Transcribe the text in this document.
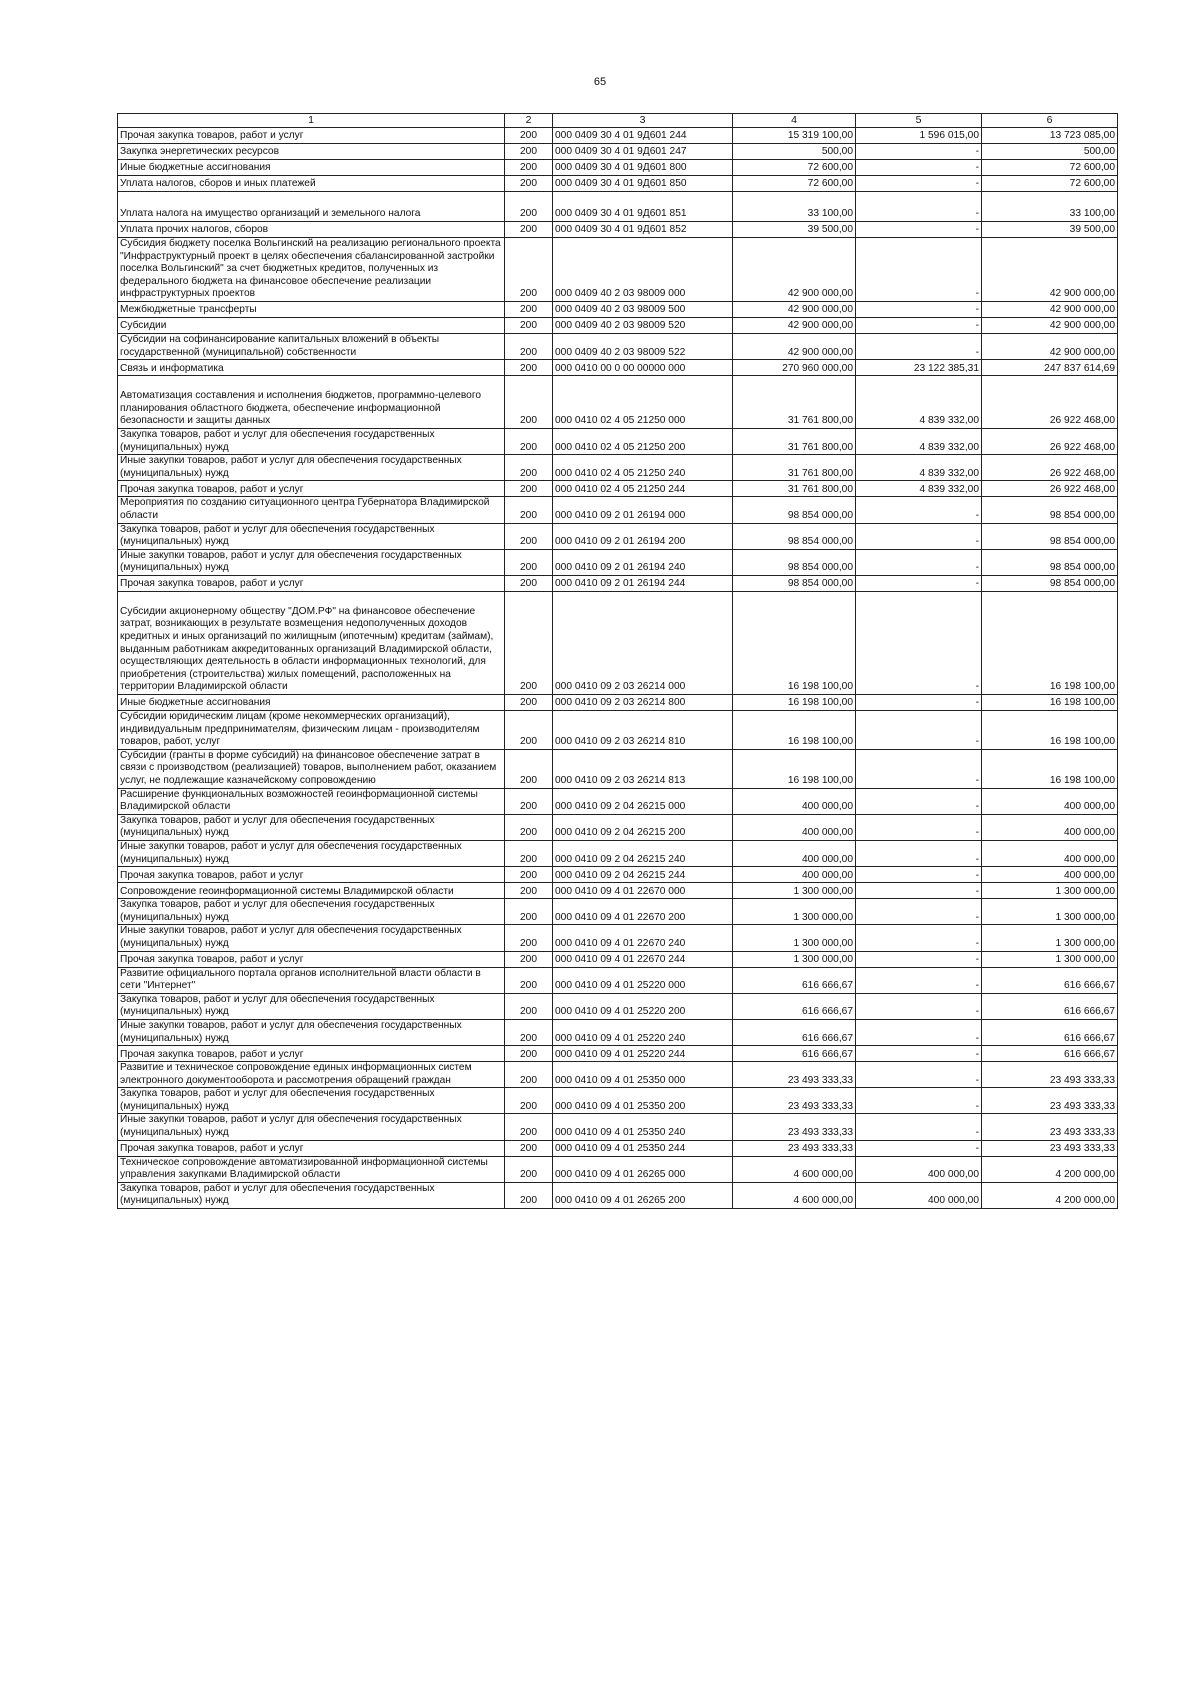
65
1	2	3	4	5	6
Прочая закупка товаров, работ и услуг	200	000 0409 30 4 01 9Д601 244	15 319 100,00	1 596 015,00	13 723 085,00
Закупка энергетических ресурсов	200	000 0409 30 4 01 9Д601 247	500,00	-	500,00
Иные бюджетные ассигнования	200	000 0409 30 4 01 9Д601 800	72 600,00	-	72 600,00
Уплата налогов, сборов и иных платежей	200	000 0409 30 4 01 9Д601 850	72 600,00	-	72 600,00
Уплата налога на имущество организаций и земельного налога	200	000 0409 30 4 01 9Д601 851	33 100,00	-	33 100,00
Уплата прочих налогов, сборов	200	000 0409 30 4 01 9Д601 852	39 500,00	-	39 500,00
Субсидия бюджету поселка Вольгинский на реализацию регионального проекта "Инфраструктурный проект в целях обеспечения сбалансированной застройки поселка Вольгинский" за счет бюджетных кредитов, полученных из федерального бюджета на финансовое обеспечение реализации инфраструктурных проектов	200	000 0409 40 2 03 98009 000	42 900 000,00	-	42 900 000,00
Межбюджетные трансферты	200	000 0409 40 2 03 98009 500	42 900 000,00	-	42 900 000,00
Субсидии	200	000 0409 40 2 03 98009 520	42 900 000,00	-	42 900 000,00
Субсидии на софинансирование капитальных вложений в объекты государственной (муниципальной) собственности	200	000 0409 40 2 03 98009 522	42 900 000,00	-	42 900 000,00
Связь и информатика	200	000 0410 00 0 00 00000 000	270 960 000,00	23 122 385,31	247 837 614,69
Автоматизация составления и исполнения бюджетов, программно-целевого планирования областного бюджета, обеспечение информационной безопасности и защиты данных	200	000 0410 02 4 05 21250 000	31 761 800,00	4 839 332,00	26 922 468,00
Закупка товаров, работ и услуг для обеспечения государственных (муниципальных) нужд	200	000 0410 02 4 05 21250 200	31 761 800,00	4 839 332,00	26 922 468,00
Иные закупки товаров, работ и услуг для обеспечения государственных (муниципальных) нужд	200	000 0410 02 4 05 21250 240	31 761 800,00	4 839 332,00	26 922 468,00
Прочая закупка товаров, работ и услуг	200	000 0410 02 4 05 21250 244	31 761 800,00	4 839 332,00	26 922 468,00
Мероприятия по созданию ситуационного центра Губернатора Владимирской области	200	000 0410 09 2 01 26194 000	98 854 000,00	-	98 854 000,00
Закупка товаров, работ и услуг для обеспечения государственных (муниципальных) нужд	200	000 0410 09 2 01 26194 200	98 854 000,00	-	98 854 000,00
Иные закупки товаров, работ и услуг для обеспечения государственных (муниципальных) нужд	200	000 0410 09 2 01 26194 240	98 854 000,00	-	98 854 000,00
Прочая закупка товаров, работ и услуг	200	000 0410 09 2 01 26194 244	98 854 000,00	-	98 854 000,00
Субсидии акционерному обществу "ДОМ.РФ" на финансовое обеспечение затрат, возникающих в результате возмещения недополученных доходов кредитных и иных организаций по жилищным (ипотечным) кредитам (займам), выданным работникам аккредитованных организаций Владимирской области, осуществляющих деятельность в области информационных технологий, для приобретения (строительства) жилых помещений, расположенных на территории Владимирской области	200	000 0410 09 2 03 26214 000	16 198 100,00	-	16 198 100,00
Иные бюджетные ассигнования	200	000 0410 09 2 03 26214 800	16 198 100,00	-	16 198 100,00
Субсидии юридическим лицам (кроме некоммерческих организаций), индивидуальным предпринимателям, физическим лицам - производителям товаров, работ, услуг	200	000 0410 09 2 03 26214 810	16 198 100,00	-	16 198 100,00
Субсидии (гранты в форме субсидий) на финансовое обеспечение затрат в связи с производством (реализацией) товаров, выполнением работ, оказанием услуг, не подлежащие казначейскому сопровождению	200	000 0410 09 2 03 26214 813	16 198 100,00	-	16 198 100,00
Расширение функциональных возможностей геоинформационной системы Владимирской области	200	000 0410 09 2 04 26215 000	400 000,00	-	400 000,00
Закупка товаров, работ и услуг для обеспечения государственных (муниципальных) нужд	200	000 0410 09 2 04 26215 200	400 000,00	-	400 000,00
Иные закупки товаров, работ и услуг для обеспечения государственных (муниципальных) нужд	200	000 0410 09 2 04 26215 240	400 000,00	-	400 000,00
Прочая закупка товаров, работ и услуг	200	000 0410 09 2 04 26215 244	400 000,00	-	400 000,00
Сопровождение геоинформационной системы Владимирской области	200	000 0410 09 4 01 22670 000	1 300 000,00	-	1 300 000,00
Закупка товаров, работ и услуг для обеспечения государственных (муниципальных) нужд	200	000 0410 09 4 01 22670 200	1 300 000,00	-	1 300 000,00
Иные закупки товаров, работ и услуг для обеспечения государственных (муниципальных) нужд	200	000 0410 09 4 01 22670 240	1 300 000,00	-	1 300 000,00
Прочая закупка товаров, работ и услуг	200	000 0410 09 4 01 22670 244	1 300 000,00	-	1 300 000,00
Развитие официального портала органов исполнительной власти области в сети "Интернет"	200	000 0410 09 4 01 25220 000	616 666,67	-	616 666,67
Закупка товаров, работ и услуг для обеспечения государственных (муниципальных) нужд	200	000 0410 09 4 01 25220 200	616 666,67	-	616 666,67
Иные закупки товаров, работ и услуг для обеспечения государственных (муниципальных) нужд	200	000 0410 09 4 01 25220 240	616 666,67	-	616 666,67
Прочая закупка товаров, работ и услуг	200	000 0410 09 4 01 25220 244	616 666,67	-	616 666,67
Развитие и техническое сопровождение единых информационных систем электронного документооборота и рассмотрения обращений граждан	200	000 0410 09 4 01 25350 000	23 493 333,33	-	23 493 333,33
Закупка товаров, работ и услуг для обеспечения государственных (муниципальных) нужд	200	000 0410 09 4 01 25350 200	23 493 333,33	-	23 493 333,33
Иные закупки товаров, работ и услуг для обеспечения государственных (муниципальных) нужд	200	000 0410 09 4 01 25350 240	23 493 333,33	-	23 493 333,33
Прочая закупка товаров, работ и услуг	200	000 0410 09 4 01 25350 244	23 493 333,33	-	23 493 333,33
Техническое сопровождение автоматизированной информационной системы управления закупками Владимирской области	200	000 0410 09 4 01 26265 000	4 600 000,00	400 000,00	4 200 000,00
Закупка товаров, работ и услуг для обеспечения государственных (муниципальных) нужд	200	000 0410 09 4 01 26265 200	4 600 000,00	400 000,00	4 200 000,00
